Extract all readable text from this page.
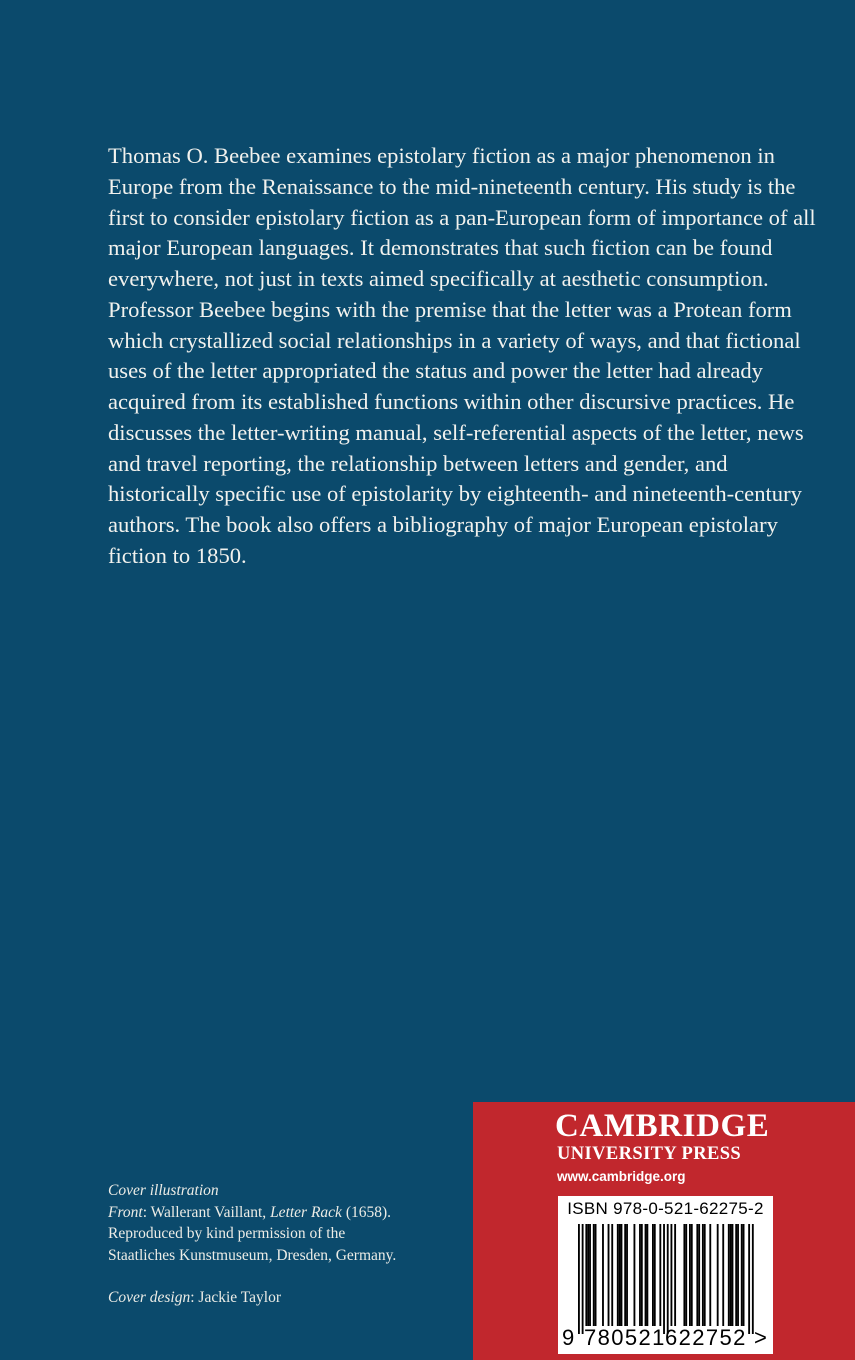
Thomas O. Beebee examines epistolary fiction as a major phenomenon in Europe from the Renaissance to the mid-nineteenth century. His study is the first to consider epistolary fiction as a pan-European form of importance of all major European languages. It demonstrates that such fiction can be found everywhere, not just in texts aimed specifically at aesthetic consumption. Professor Beebee begins with the premise that the letter was a Protean form which crystallized social relationships in a variety of ways, and that fictional uses of the letter appropriated the status and power the letter had already acquired from its established functions within other discursive practices. He discusses the letter-writing manual, self-referential aspects of the letter, news and travel reporting, the relationship between letters and gender, and historically specific use of epistolarity by eighteenth- and nineteenth-century authors. The book also offers a bibliography of major European epistolary fiction to 1850.

Cover illustration
Front: Wallerant Vaillant, Letter Rack (1658).
Reproduced by kind permission of the
Staatliches Kunstmuseum, Dresden, Germany.
Cover design: Jackie Taylor
CAMBRIDGE
UNIVERSITY PRESS
www.cambridge.org
ISBN 978-0-521-62275-2
9 780521 622752 >
